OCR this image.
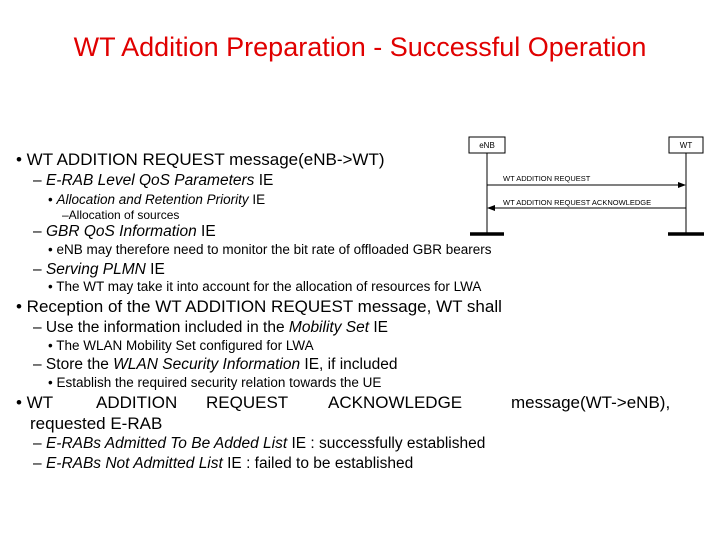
WT Addition Preparation - Successful Operation
• WT ADDITION REQUEST message(eNB->WT)
– E-RAB Level QoS Parameters IE
• Allocation and Retention Priority IE
–Allocation of sources
– GBR QoS Information IE
• eNB may therefore need to monitor the bit rate of offloaded GBR bearers
– Serving PLMN IE
• The WT may take it into account for the allocation of resources for LWA
• Reception of the WT ADDITION REQUEST message, WT shall
– Use the information included in the Mobility Set IE
• The WLAN Mobility Set configured for LWA
– Store the WLAN Security Information IE, if included
• Establish the required security relation towards the UE
• WT	ADDITION REQUEST ACKNOWLEDGE	message(WT->eNB),
requested E-RAB
– E-RABs Admitted To Be Added List IE : successfully established
– E-RABs Not Admitted List IE : failed to be established
eNB	WT
WT ADDITION REQUEST
WT ADDITION REQUEST ACKNOWLEDGE
